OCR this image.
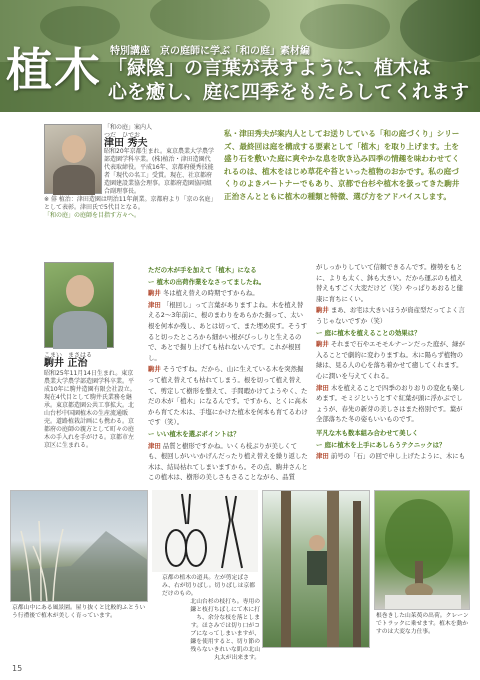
植木 特別講座　京の庭師に学ぶ「和の庭」素材編
「緑陰」の言葉が表すように、植木は
心を癒し、庭に四季をもたらしてくれます
「和の庭」案内人
つだ　ひでお
津田 秀夫
昭和20年京都生まれ。東京農業大学農学部造園学科卒業。(株)植治・津田造園代代表取締役。平成16年、京都府優秀技能者「現代の名工」受賞。現在、社京都府造園建設業協会理事。京都府造園協同組合副理事長。
※ 俳 植治：津田造園は明治11年創業。京都府より「京の名庭」として表彰。津田氏で5代目となる。
「和の庭」の庭師を目指す方々へ。
私・津田秀夫が案内人としてお送りしている「和の庭づくり」シリーズ、最終回は庭を構成する要素として「植木」を取り上げます。土を盛り石を敷いた庭に爽やかな息を吹き込み四季の情趣を味わわせてくれるのは、植木をはじめ草花や苔といった植物のおかです。私の庭づくりのよきパートナーでもあり、京都で台杉や植木を扱ってきた駒井正治さんとともに植木の種類と特徴、選び方をアドバイスします。
こまい　まさはる
駒井 正治
昭和25年11月14日生まれ。東京農業大学農学部造園学科卒業。平成10年に駒井造園有限会社設立。現在4代目として駒井氏業務を継承。東京都造園公共工事拡大。北山台杉中国園植木の生産流通販売。道路植栽計画にも携わる。京都府の庭師の親方として町々の庭木の手入れを手がける。京都市左京区に生まれる。

ただの木が手を加えて「植木」になる

ー 植木の出荷作業をなさってましたね。

駒井 冬は植え替えの時期ですからね。

津田 「根回し」って言葉がありますよね。木を植え替える2〜3年前に、根のまわりをあらかた掘って、太い根を何本か残し、あとは切って、また埋め戻す。そうすると切ったところから細かい根がびっしりと生えるので、あとで掘り上げても枯れないんです。これが根回し。

駒井 そうですね。だから、山に生えている木を突然掘って植え替えても枯れてしまう。根を切って植え替えて、剪定して樹形を整えて、手間暇かけてようやく、ただの木が「植木」になるんです。ですから、とくに高木から育てた木は、手塩にかけた植木を何本も育てるわけです（笑）。

ー いい植木を選ぶポイントは？

津田 品質と樹形ですかね。いくら枝ぶりが美しくても、根回しがいいかげんだったり植え替えを繰り返した木は、結局枯れてしまいますから。その点、駒井さんとこの植木は、樹形の美しさもさることながら、品質

がしっかりしていて信頼できるんです。樹勢をもとに、よりも太く、鉢も大きい。だから運ぶのも植え替えもすごく大変だけど（笑）やっぱりあおると健康に育ちにくい。

駒井 まあ、お宅は大きいほうが資産型だってよく言うじゃないですか（笑）

ー 庭に植木を植えることの効果は？

駒井 それまで石やエモモルナーンだった庭が、緑が入ることで劇的に変わりますね。木に陽らず植物の緑は、見る人の心を落ち着かせて癒してくれます。心に潤いを与えてくれる。

津田 木を植えることで四季のおりおりの変化も楽しめます。モミジというとすぐ紅葉が頭に浮かぶでしょうが、春先の新芽の美しさはまた格別です。葉が全部落ちた冬の姿もいいものです。

平凡な木も数本組み合わせて美しく

ー 庭に植木を上手にあしらうテクニックは？

津田 前号の「石」の回で申し上げたように、木にも

京都山中にある風景園。屋り抜くと比較的ふとういう行禮後で植木が美しく育っています。
京都の植木の道具。左が剪定ばさみ、右が切りばし。切りばしは京都だけのもの。
北山台杉の枝打ち。専用の鎌と枝打ちばしにて木に打ち、余分な枝を落とします。ほさみでは切り口がコブになってしまいますが、鎌を使用すると、切り節の残らないきれいな肌の北山丸太が出来ます。
根巻きした山茱萸の出荷。クレーンでトラックに乗せます。植木を動かすのは大変な力仕事。
15
